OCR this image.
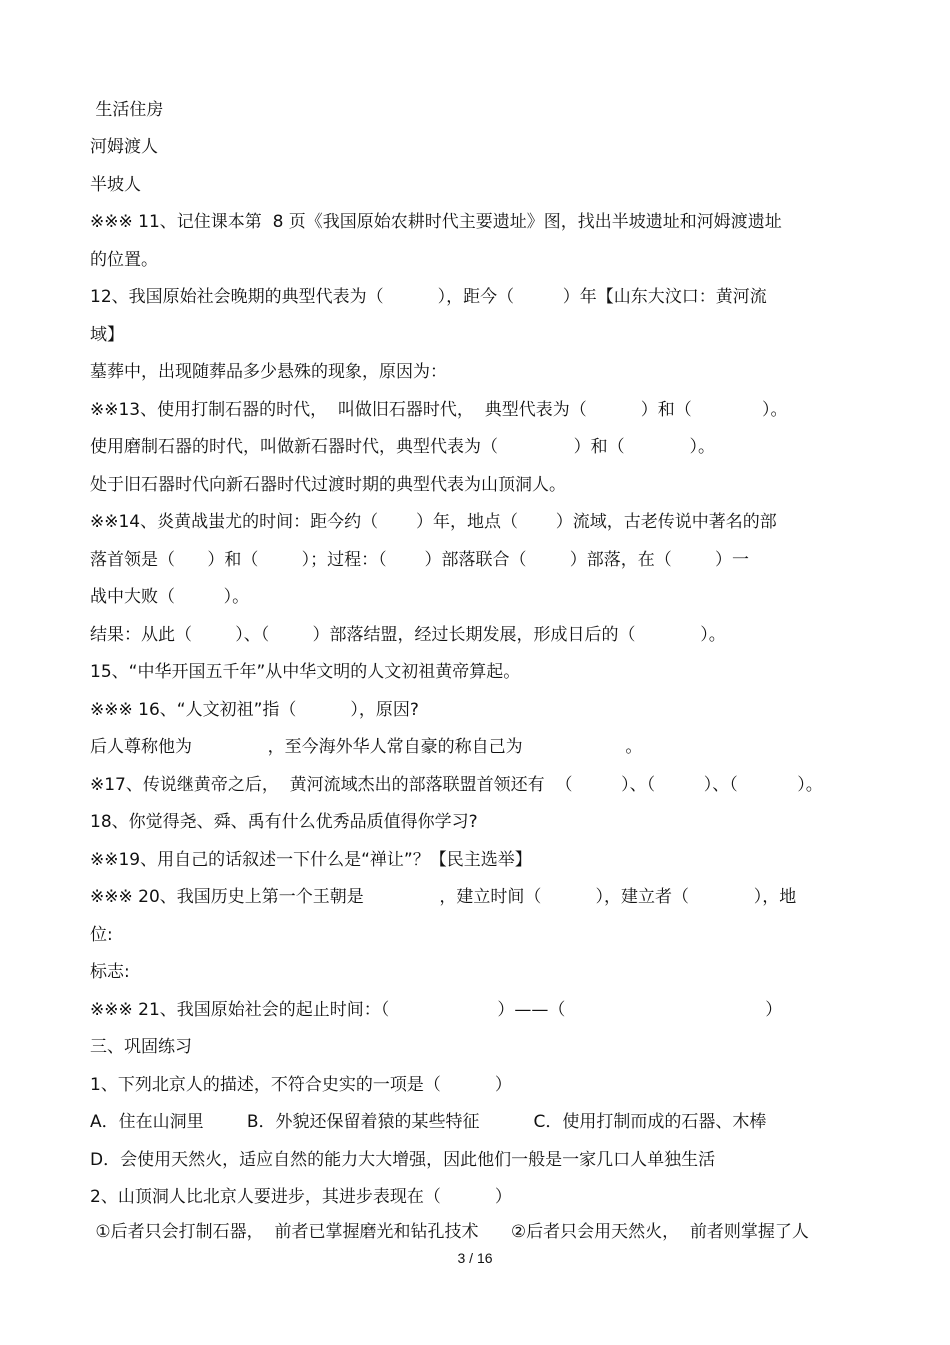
生活住房
河姆渡人
半坡人
※※※ 11、记住课本第  8 页《我国原始农耕时代主要遗址》图，找出半坡遗址和河姆渡遗址
的位置。
12、我国原始社会晚期的典型代表为（          ），距今（         ）年【山东大汶口：黄河流
域】
墓葬中，出现随葬品多少悬殊的现象，原因为：
※※13、使用打制石器的时代，  叫做旧石器时代，  典型代表为（          ）和（             ）。
使用磨制石器的时代，叫做新石器时代，典型代表为（              ）和（            ）。
处于旧石器时代向新石器时代过渡时期的典型代表为山顶洞人。
※※14、炎黄战蚩尤的时间：距今约（       ）年，地点（       ）流域，古老传说中著名的部
落首领是（      ）和（        ）；过程：（       ）部落联合（        ）部落，在（        ）一
战中大败（         ）。
结果：从此（        ）、（        ）部落结盟，经过长期发展，形成日后的（            ）。
15、“中华开国五千年”从中华文明的人文初祖黄帝算起。
※※※ 16、“人文初祖”指（          ），原因?
后人尊称他为              ，至今海外华人常自豪的称自己为                   。
※17、传说继黄帝之后，  黄河流域杰出的部落联盟首领还有  （         ）、（         ）、（           ）。
18、你觉得尧、舜、禹有什么优秀品质值得你学习?
※※19、用自己的话叙述一下什么是“禅让”？【民主选举】
※※※ 20、我国历史上第一个王朝是              ，建立时间（          ），建立者（            ），地
位:
标志:
※※※ 21、我国原始社会的起止时间：（                    ）——（                                     ）
三、巩固练习
1、下列北京人的描述，不符合史实的一项是（          ）
A．住在山洞里        B．外貌还保留着猿的某些特征          C．使用打制而成的石器、木棒
D．会使用天然火，适应自然的能力大大增强，因此他们一般是一家几口人单独生活
2、山顶洞人比北京人要进步，其进步表现在（          ）
①后者只会打制石器，  前者已掌握磨光和钻孔技术      ②后者只会用天然火，  前者则掌握了人
3 / 16
